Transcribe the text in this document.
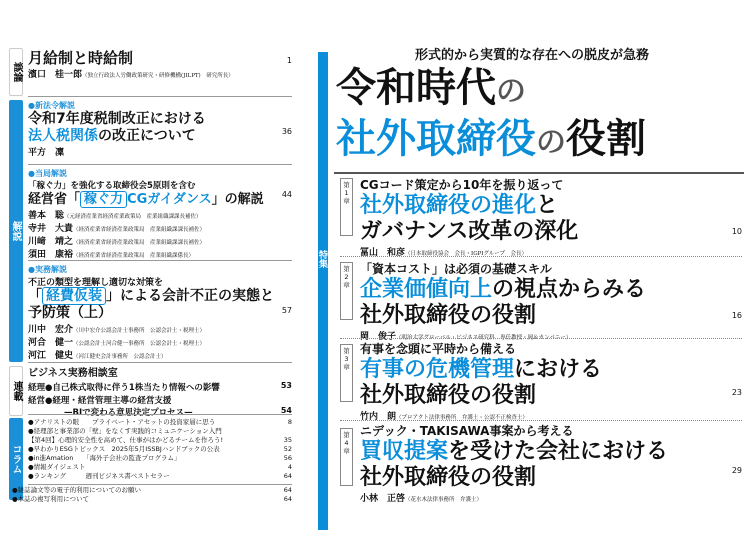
談論
解説
連載
コラム
月給制と時給制
濱口　桂一郎（独立行政法人労働政策研究・研修機構(JILPT)　研究所長）
1
●新法令解説
令和7年度税制改正における
法人税関係の改正について
平方　凜
36
●当局解説
「稼ぐ力」を強化する取締役会5原則を含む
経営省「 稼ぐ力 CGガイダンス」の解説
善本　聡（元経済産業省経済産業政策局　産業組織課課長補佐）
寺井　大貴（経済産業省経済産業政策局　産業組織課課長補佐）
川﨑　靖之（経済産業省経済産業政策局　産業組織課課長補佐）
須田　康裕（経済産業省経済産業政策局　産業組織課係長）
44
●実務解説
不正の類型を理解し適切な対策を
「 経費仮装 」による会計不正の実態と
予防策（上）
川中　宏介（川中宏介公認会計士事務所　公認会計士・税理士）
河合　健一（公認会計士河合健一事務所　公認会計士・税理士）
河江　健史（河江健史会計事務所　公認会計士）
57
ビジネス実務相談室
経理●自己株式取得に伴う1株当たり情報への影響	53
経営●経理・経営管理主導の経営支援
—BIで変わる意思決定プロセス—	54
●アナリストの眼　　プライベート・アセットの投資家層に思う	8
●経理部と事業部の「壁」をなくす実践的コミュニケーション入門
【第4回】心理的安全性を高めて、仕事がはかどるチームを作ろう!	35
●早わかりESGトピックス　2025年5月ISSBJハンドブックの公表	52
●in進Amation　　「海外子会社の監査プログラム」	56
●情報ダイジェスト	4
●ランキング　　　週刊ビジネス書ベストセラー	64
●雑誌論文等の電子的利用についてのお願い	64
●本誌の複写利用について	64
形式的から実質的な存在への脱皮が急務
令和時代の
社外取締役の役割
特集
第
1
章
CGコード策定から10年を振り返って
社外取締役の進化と
ガバナンス改革の深化
冨山　和彦（日本取締役協会　会長・IGPIグループ　会長）
10
第
2
章
「資本コスト」は必須の基礎スキル
企業価値向上の視点からみる
社外取締役の役割
岡　俊子（明治大学グローバル・ビジネス研究科　専任教授・岡＆カンパニー）
16
第
3
章
有事を念頭に平時から備える
有事の危機管理における
社外取締役の役割
竹内　朗（プロアクト法律事務所　弁護士・公認不正検査士）
23
第
4
章
ニデック・TAKISAWA事案から考える
買収提案を受けた会社における
社外取締役の役割
小林　正啓（花水木法律事務所　弁護士）
29
